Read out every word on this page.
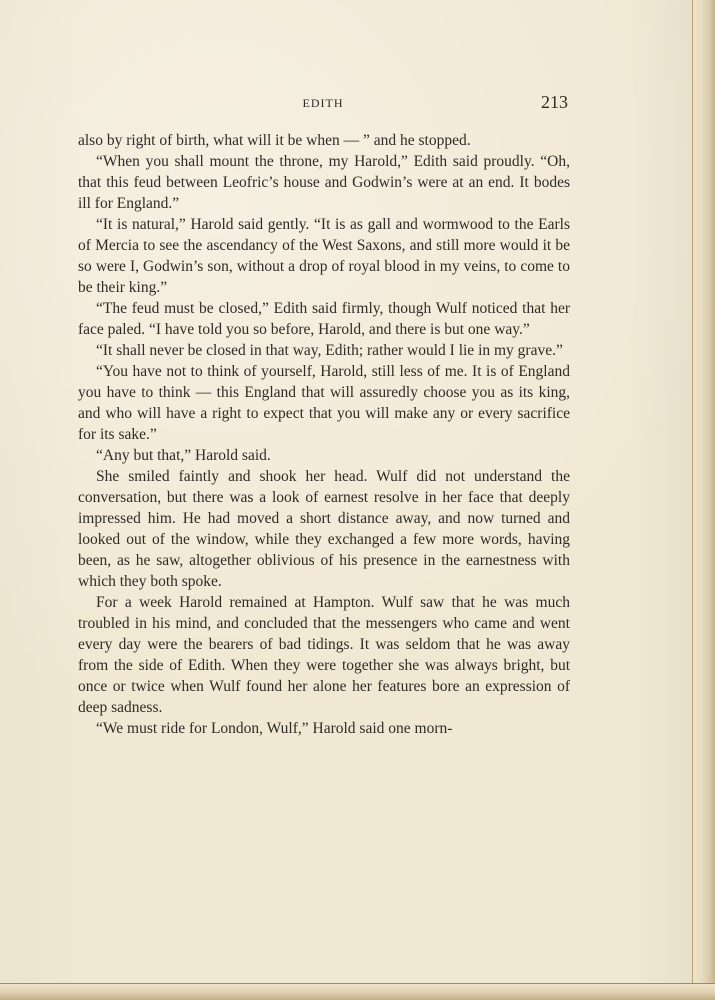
EDITH	213

also by right of birth, what will it be when — ” and he stopped.

“When you shall mount the throne, my Harold,” Edith said proudly. “Oh, that this feud between Leofric’s house and Godwin’s were at an end. It bodes ill for England.”

“It is natural,” Harold said gently. “It is as gall and wormwood to the Earls of Mercia to see the ascendancy of the West Saxons, and still more would it be so were I, Godwin’s son, without a drop of royal blood in my veins, to come to be their king.”

“The feud must be closed,” Edith said firmly, though Wulf noticed that her face paled. “I have told you so before, Harold, and there is but one way.”

“It shall never be closed in that way, Edith; rather would I lie in my grave.”

“You have not to think of yourself, Harold, still less of me. It is of England you have to think — this England that will assuredly choose you as its king, and who will have a right to expect that you will make any or every sacrifice for its sake.”

“Any but that,” Harold said.

She smiled faintly and shook her head. Wulf did not understand the conversation, but there was a look of earnest resolve in her face that deeply impressed him. He had moved a short distance away, and now turned and looked out of the window, while they exchanged a few more words, having been, as he saw, altogether oblivious of his presence in the earnestness with which they both spoke.

For a week Harold remained at Hampton. Wulf saw that he was much troubled in his mind, and concluded that the messengers who came and went every day were the bearers of bad tidings. It was seldom that he was away from the side of Edith. When they were together she was always bright, but once or twice when Wulf found her alone her features bore an expression of deep sadness.

“We must ride for London, Wulf,” Harold said one morn-
